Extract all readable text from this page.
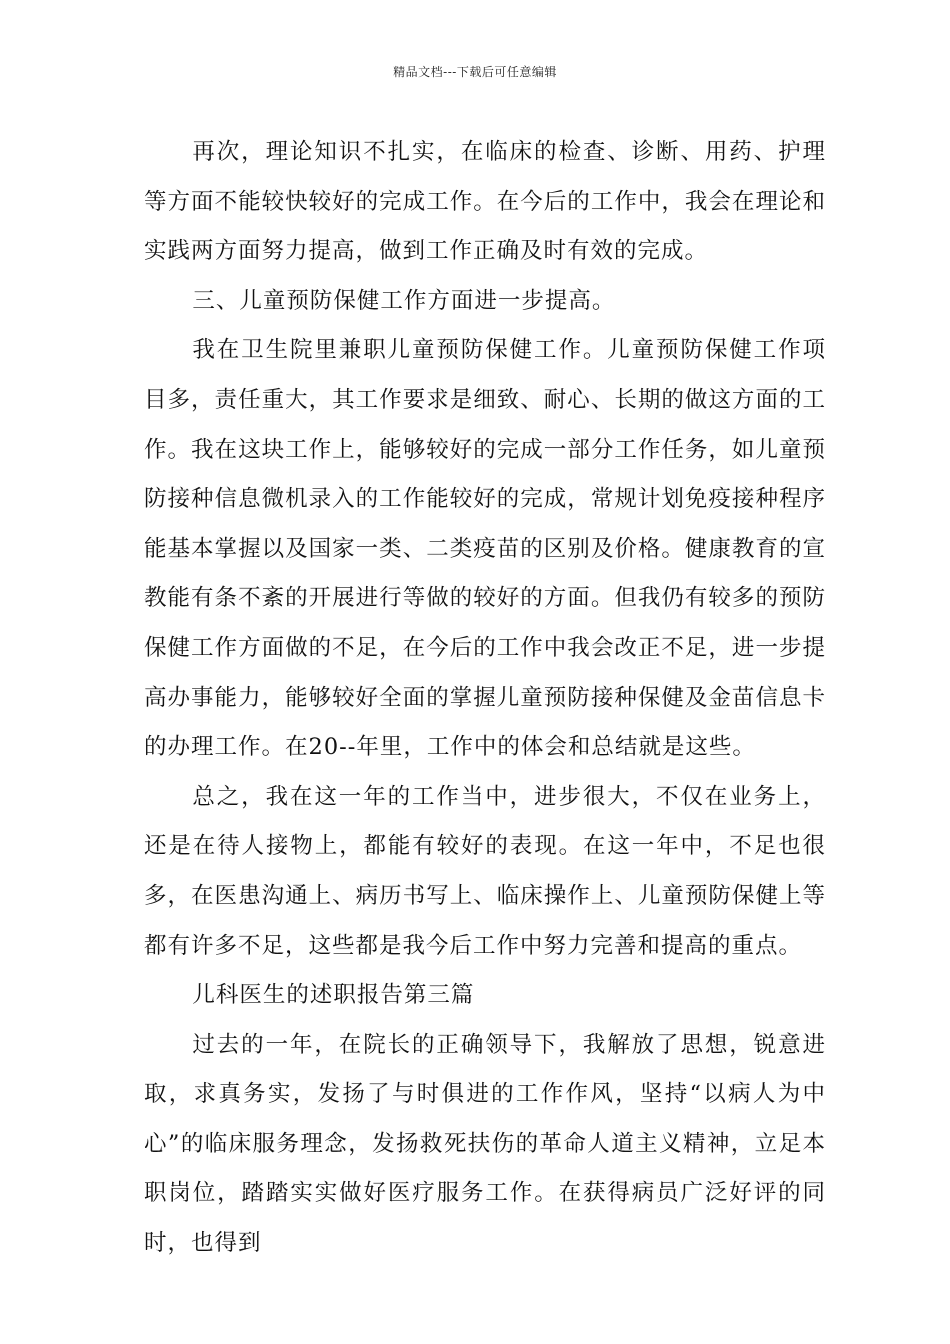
精品文档---下载后可任意编辑

再次，理论知识不扎实，在临床的检查、诊断、用药、护理等方面不能较快较好的完成工作。在今后的工作中，我会在理论和实践两方面努力提高，做到工作正确及时有效的完成。

三、儿童预防保健工作方面进一步提高。

我在卫生院里兼职儿童预防保健工作。儿童预防保健工作项目多，责任重大，其工作要求是细致、耐心、长期的做这方面的工作。我在这块工作上，能够较好的完成一部分工作任务，如儿童预防接种信息微机录入的工作能较好的完成，常规计划免疫接种程序能基本掌握以及国家一类、二类疫苗的区别及价格。健康教育的宣教能有条不紊的开展进行等做的较好的方面。但我仍有较多的预防保健工作方面做的不足，在今后的工作中我会改正不足，进一步提高办事能力，能够较好全面的掌握儿童预防接种保健及金苗信息卡的办理工作。在20--年里，工作中的体会和总结就是这些。

总之，我在这一年的工作当中，进步很大，不仅在业务上，还是在待人接物上，都能有较好的表现。在这一年中，不足也很多，在医患沟通上、病历书写上、临床操作上、儿童预防保健上等都有许多不足，这些都是我今后工作中努力完善和提高的重点。

儿科医生的述职报告第三篇

过去的一年，在院长的正确领导下，我解放了思想，锐意进取，求真务实，发扬了与时俱进的工作作风，坚持“以病人为中心”的临床服务理念，发扬救死扶伤的革命人道主义精神，立足本职岗位，踏踏实实做好医疗服务工作。在获得病员广泛好评的同时，也得到
